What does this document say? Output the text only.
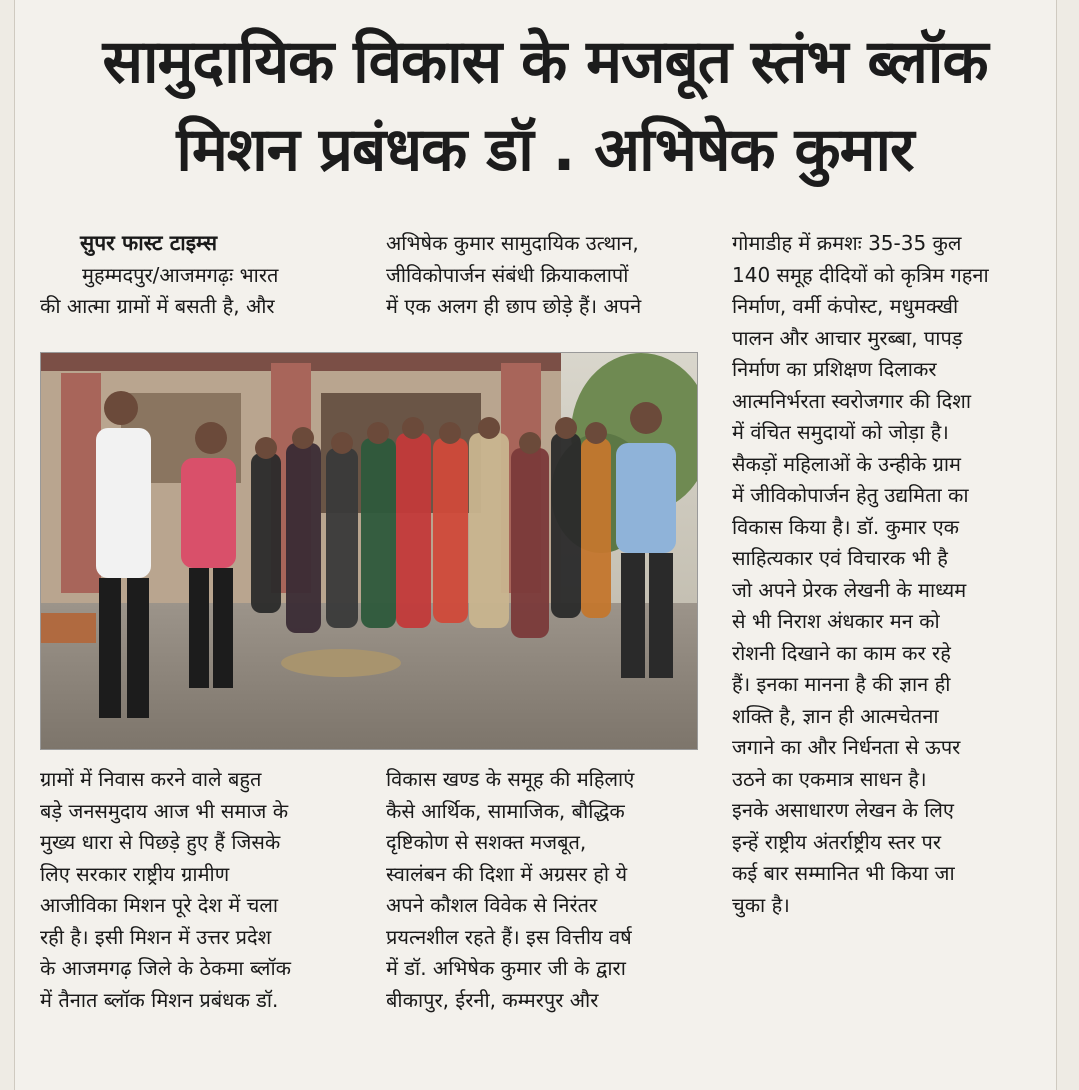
सामुदायिक विकास के मजबूत स्तंभ ब्लॉक
मिशन प्रबंधक डॉ . अभिषेक कुमार

सुपर फास्ट टाइम्स

मुहम्मदपुर/आजमगढ़ः भारत

की आत्मा ग्रामों में बसती है, और

अभिषेक कुमार सामुदायिक उत्थान,

जीविकोपार्जन संबंधी क्रियाकलापों

में एक अलग ही छाप छोड़े हैं। अपने

ग्रामों में निवास करने वाले बहुत

बड़े जनसमुदाय आज भी समाज के

मुख्य धारा से पिछड़े हुए हैं जिसके

लिए सरकार राष्ट्रीय ग्रामीण

आजीविका मिशन पूरे देश में चला

रही है। इसी मिशन में उत्तर प्रदेश

के आजमगढ़ जिले के ठेकमा ब्लॉक

में तैनात ब्लॉक मिशन प्रबंधक डॉ.

विकास खण्ड के समूह की महिलाएं

कैसे आर्थिक, सामाजिक, बौद्धिक

दृष्टिकोण से सशक्त मजबूत,

स्वालंबन की दिशा में अग्रसर हो ये

अपने कौशल विवेक से निरंतर

प्रयत्नशील रहते हैं। इस वित्तीय वर्ष

में डॉ. अभिषेक कुमार जी के द्वारा

बीकापुर, ईरनी, कम्मरपुर और

गोमाडीह में क्रमशः 35-35 कुल

140 समूह दीदियों को कृत्रिम गहना

निर्माण, वर्मी कंपोस्ट, मधुमक्खी

पालन और आचार मुरब्बा, पापड़

निर्माण का प्रशिक्षण दिलाकर

आत्मनिर्भरता स्वरोजगार की दिशा

में वंचित समुदायों को जोड़ा है।

सैकड़ों महिलाओं के उन्हीके ग्राम

में जीविकोपार्जन हेतु उद्यमिता का

विकास किया है। डॉ. कुमार एक

साहित्यकार एवं विचारक भी है

जो अपने प्रेरक लेखनी के माध्यम

से भी निराश अंधकार मन को

रोशनी दिखाने का काम कर रहे

हैं। इनका मानना है की ज्ञान ही

शक्ति है, ज्ञान ही आत्मचेतना

जगाने का और निर्धनता से ऊपर

उठने का एकमात्र साधन है।

इनके असाधारण लेखन के लिए

इन्हें राष्ट्रीय अंतर्राष्ट्रीय स्तर पर

कई बार सम्मानित भी किया जा

चुका है।
